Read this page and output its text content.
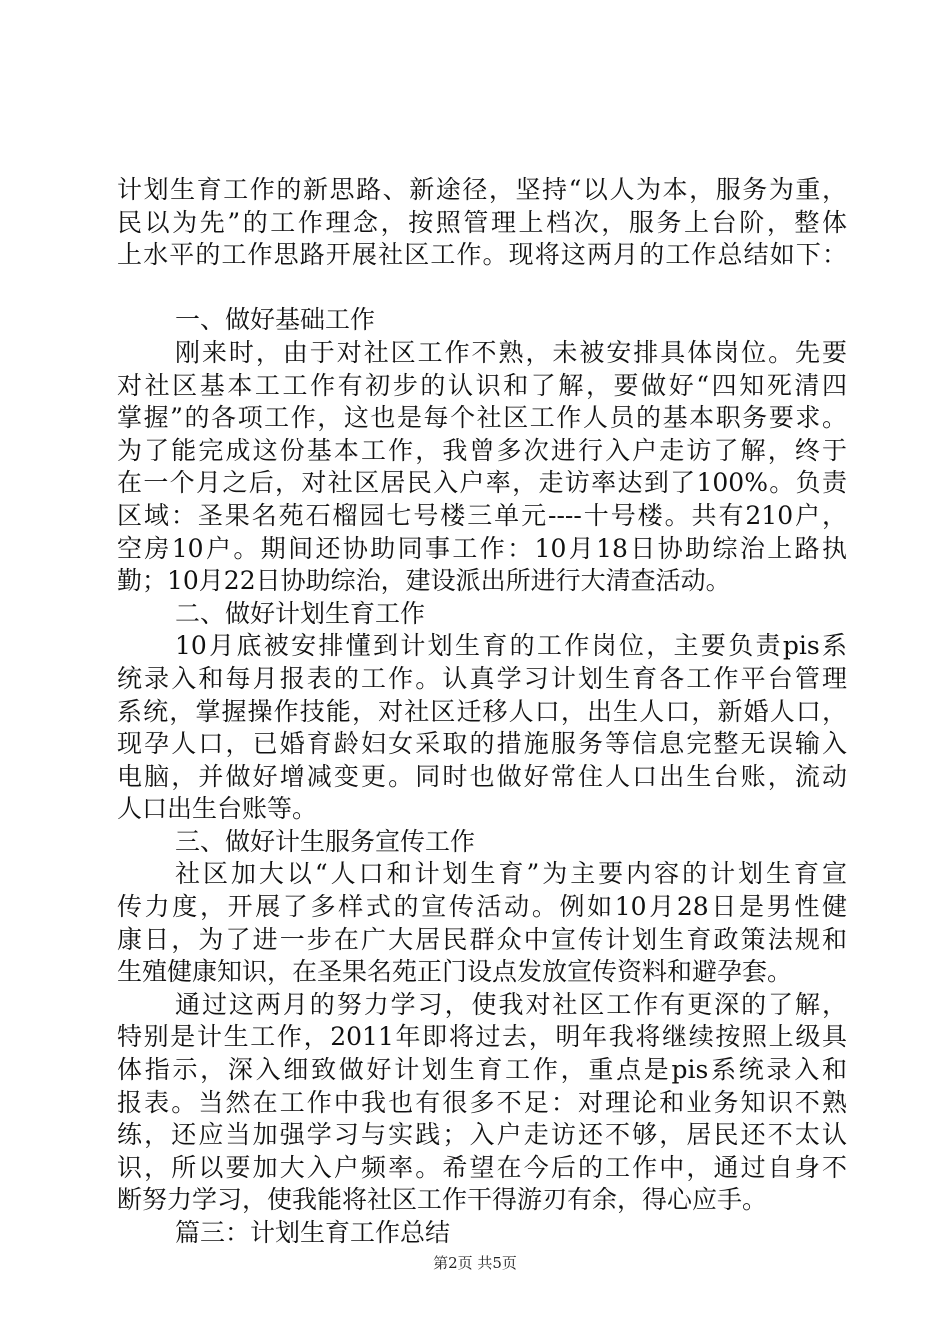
计划生育工作的新思路、新途径，坚持“以人为本，服务为重，
民以为先”的工作理念，按照管理上档次，服务上台阶，整体
上水平的工作思路开展社区工作。现将这两月的工作总结如下：
一、做好基础工作
刚来时，由于对社区工作不熟，未被安排具体岗位。先要
对社区基本工工作有初步的认识和了解，要做好“四知死清四
掌握”的各项工作，这也是每个社区工作人员的基本职务要求。
为了能完成这份基本工作，我曾多次进行入户走访了解，终于
在一个月之后，对社区居民入户率，走访率达到了100%。负责
区域：圣果名苑石榴园七号楼三单元----十号楼。共有210户，
空房10户。期间还协助同事工作：10月18日协助综治上路执
勤；10月22日协助综治，建设派出所进行大清查活动。
二、做好计划生育工作
10月底被安排懂到计划生育的工作岗位，主要负责pis系
统录入和每月报表的工作。认真学习计划生育各工作平台管理
系统，掌握操作技能，对社区迁移人口，出生人口，新婚人口，
现孕人口，已婚育龄妇女采取的措施服务等信息完整无误输入
电脑，并做好增减变更。同时也做好常住人口出生台账，流动
人口出生台账等。
三、做好计生服务宣传工作
社区加大以“人口和计划生育”为主要内容的计划生育宣
传力度，开展了多样式的宣传活动。例如10月28日是男性健
康日，为了进一步在广大居民群众中宣传计划生育政策法规和
生殖健康知识，在圣果名苑正门设点发放宣传资料和避孕套。
通过这两月的努力学习，使我对社区工作有更深的了解，
特别是计生工作，2011年即将过去，明年我将继续按照上级具
体指示，深入细致做好计划生育工作，重点是pis系统录入和
报表。当然在工作中我也有很多不足：对理论和业务知识不熟
练，还应当加强学习与实践；入户走访还不够，居民还不太认
识，所以要加大入户频率。希望在今后的工作中，通过自身不
断努力学习，使我能将社区工作干得游刃有余，得心应手。
篇三：计划生育工作总结
第2页 共5页
